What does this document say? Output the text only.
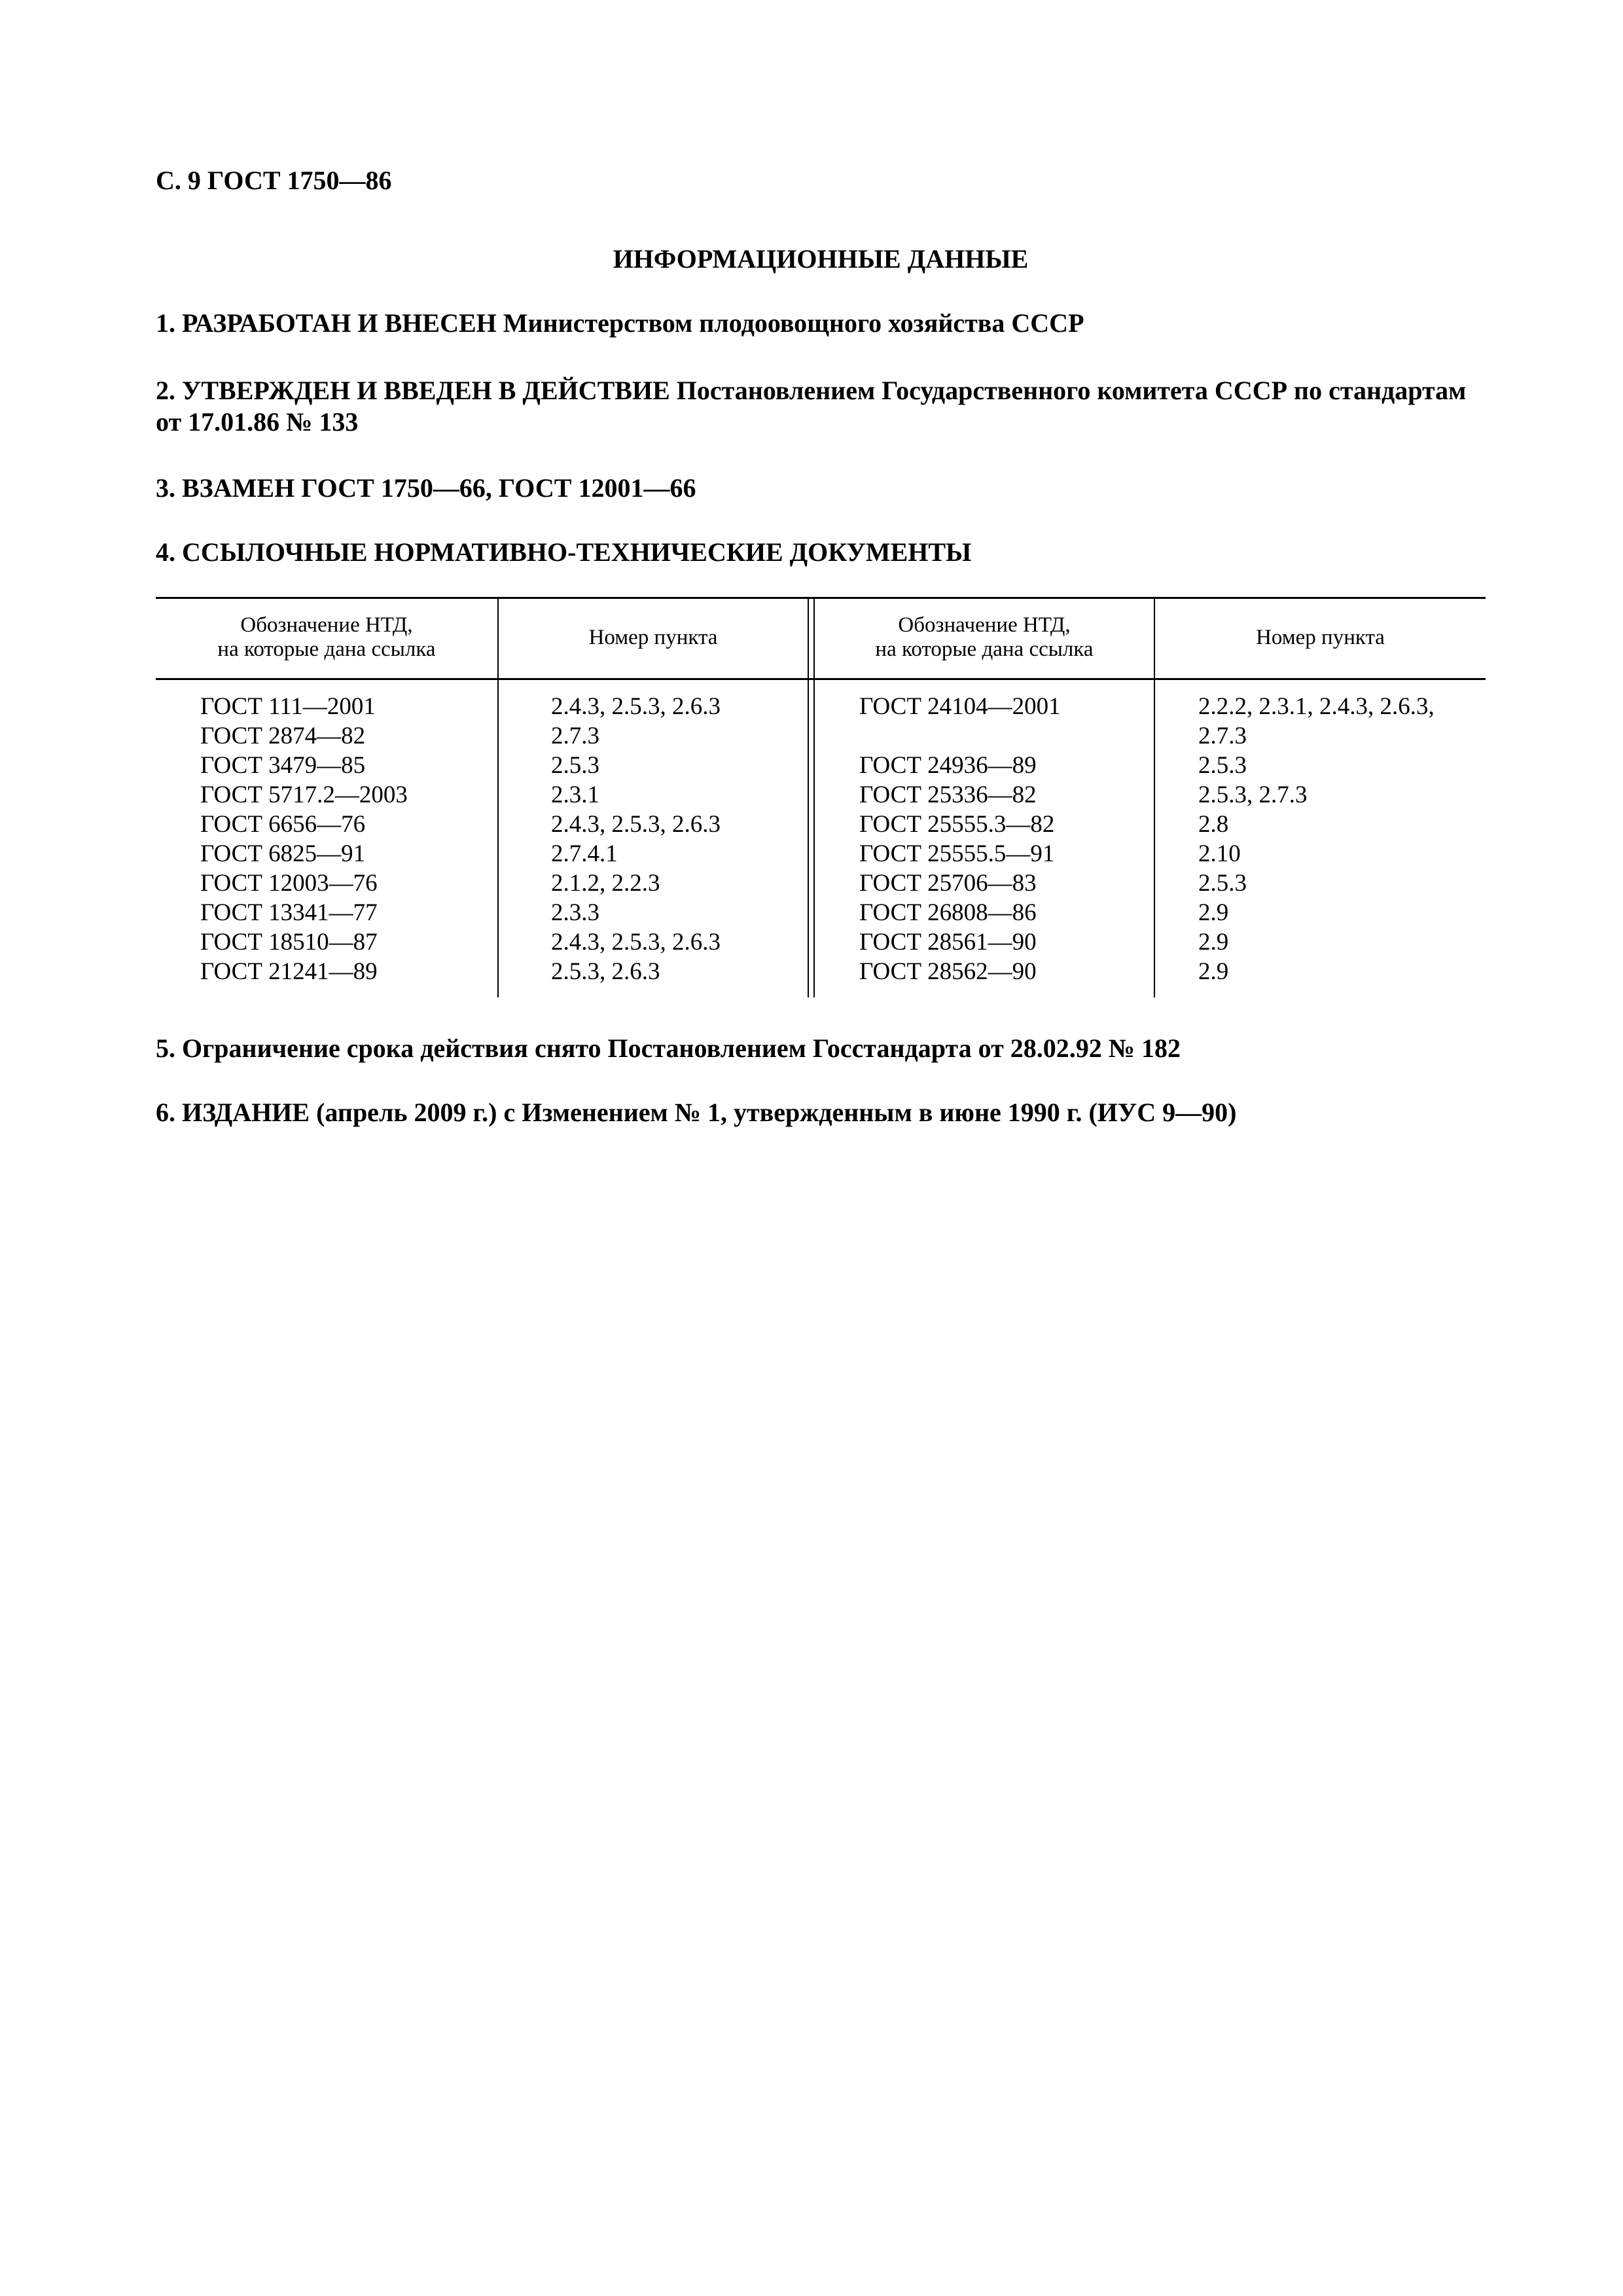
С. 9 ГОСТ 1750—86
ИНФОРМАЦИОННЫЕ ДАННЫЕ
1. РАЗРАБОТАН И ВНЕСЕН Министерством плодоовощного хозяйства СССР
2. УТВЕРЖДЕН И ВВЕДЕН В ДЕЙСТВИЕ Постановлением Государственного комитета СССР по стандартам от 17.01.86 № 133
3. ВЗАМЕН ГОСТ 1750—66, ГОСТ 12001—66
4. ССЫЛОЧНЫЕ НОРМАТИВНО-ТЕХНИЧЕСКИЕ ДОКУМЕНТЫ
Обозначение НТД,
на которые дана ссылка
Номер пункта
Обозначение НТД,
на которые дана ссылка
Номер пункта
ГОСТ 111—2001
ГОСТ 2874—82
ГОСТ 3479—85
ГОСТ 5717.2—2003
ГОСТ 6656—76
ГОСТ 6825—91
ГОСТ 12003—76
ГОСТ 13341—77
ГОСТ 18510—87
ГОСТ 21241—89
2.4.3, 2.5.3, 2.6.3
2.7.3
2.5.3
2.3.1
2.4.3, 2.5.3, 2.6.3
2.7.4.1
2.1.2, 2.2.3
2.3.3
2.4.3, 2.5.3, 2.6.3
2.5.3, 2.6.3
ГОСТ 24104—2001
ГОСТ 24936—89
ГОСТ 25336—82
ГОСТ 25555.3—82
ГОСТ 25555.5—91
ГОСТ 25706—83
ГОСТ 26808—86
ГОСТ 28561—90
ГОСТ 28562—90
2.2.2, 2.3.1, 2.4.3, 2.6.3,
2.7.3
2.5.3
2.5.3, 2.7.3
2.8
2.10
2.5.3
2.9
2.9
2.9
5. Ограничение срока действия снято Постановлением Госстандарта от 28.02.92 № 182
6. ИЗДАНИЕ (апрель 2009 г.) с Изменением № 1, утвержденным в июне 1990 г. (ИУС 9—90)
